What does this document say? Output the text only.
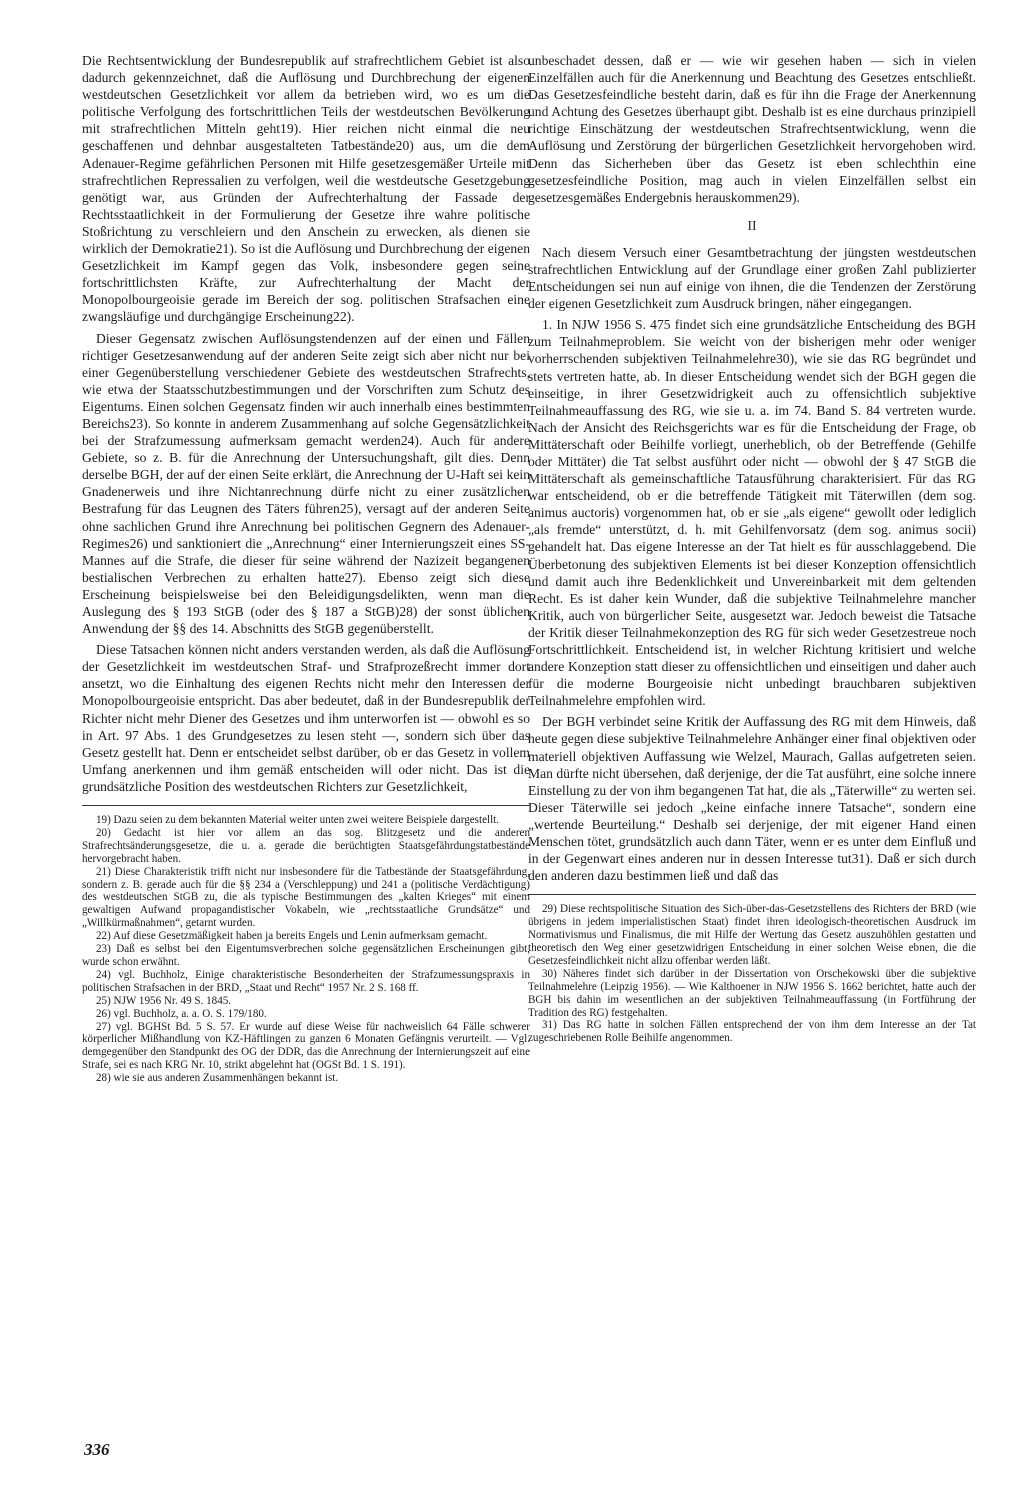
Die Rechtsentwicklung der Bundesrepublik auf strafrechtlichem Gebiet ist also dadurch gekennzeichnet, daß die Auflösung und Durchbrechung der eigenen westdeutschen Gesetzlichkeit vor allem da betrieben wird, wo es um die politische Verfolgung des fortschrittlichen Teils der westdeutschen Bevölkerung mit strafrechtlichen Mitteln geht19). Hier reichen nicht einmal die neu geschaffenen und dehnbar ausgestalteten Tatbestände20) aus, um die dem Adenauer-Regime gefährlichen Personen mit Hilfe gesetzesgemäßer Urteile mit strafrechtlichen Repressalien zu verfolgen, weil die westdeutsche Gesetzgebung genötigt war, aus Gründen der Aufrechterhaltung der Fassade der Rechtsstaatlichkeit in der Formulierung der Gesetze ihre wahre politische Stoßrichtung zu verschleiern und den Anschein zu erwecken, als dienen sie wirklich der Demokratie21). So ist die Auflösung und Durchbrechung der eigenen Gesetzlichkeit im Kampf gegen das Volk, insbesondere gegen seine fortschrittlichsten Kräfte, zur Aufrechterhaltung der Macht der Monopolbourgeoisie gerade im Bereich der sog. politischen Strafsachen eine zwangsläufige und durchgängige Erscheinung22).

Dieser Gegensatz zwischen Auflösungstendenzen auf der einen und Fällen richtiger Gesetzesanwendung auf der anderen Seite zeigt sich aber nicht nur bei einer Gegenüberstellung verschiedener Gebiete des westdeutschen Strafrechts, wie etwa der Staatsschutzbestimmungen und der Vorschriften zum Schutz des Eigentums. Einen solchen Gegensatz finden wir auch innerhalb eines bestimmten Bereichs23). So konnte in anderem Zusammenhang auf solche Gegensätzlichkeit bei der Strafzumessung aufmerksam gemacht werden24). Auch für andere Gebiete, so z. B. für die Anrechnung der Untersuchungshaft, gilt dies. Denn derselbe BGH, der auf der einen Seite erklärt, die Anrechnung der U-Haft sei kein Gnadenerweis und ihre Nichtanrechnung dürfe nicht zu einer zusätzlichen Bestrafung für das Leugnen des Täters führen25), versagt auf der anderen Seite ohne sachlichen Grund ihre Anrechnung bei politischen Gegnern des Adenauer-Regimes26) und sanktioniert die „Anrechnung“ einer Internierungszeit eines SS-Mannes auf die Strafe, die dieser für seine während der Nazizeit begangenen bestialischen Verbrechen zu erhalten hatte27). Ebenso zeigt sich diese Erscheinung beispielsweise bei den Beleidigungsdelikten, wenn man die Auslegung des § 193 StGB (oder des § 187 a StGB)28) der sonst üblichen Anwendung der §§ des 14. Abschnitts des StGB gegenüberstellt.

Diese Tatsachen können nicht anders verstanden werden, als daß die Auflösung der Gesetzlichkeit im westdeutschen Straf- und Strafprozeßrecht immer dort ansetzt, wo die Einhaltung des eigenen Rechts nicht mehr den Interessen der Monopolbourgeoisie entspricht. Das aber bedeutet, daß in der Bundesrepublik der Richter nicht mehr Diener des Gesetzes und ihm unterworfen ist — obwohl es so in Art. 97 Abs. 1 des Grundgesetzes zu lesen steht —, sondern sich über das Gesetz gestellt hat. Denn er entscheidet selbst darüber, ob er das Gesetz in vollem Umfang anerkennen und ihm gemäß entscheiden will oder nicht. Das ist die grundsätzliche Position des westdeutschen Richters zur Gesetzlichkeit,

19) Dazu seien zu dem bekannten Material weiter unten zwei weitere Beispiele dargestellt.

20) Gedacht ist hier vor allem an das sog. Blitzgesetz und die anderen Strafrechtsänderungsgesetze, die u. a. gerade die berüchtigten Staatsgefährdungstatbestände hervorgebracht haben.

21) Diese Charakteristik trifft nicht nur insbesondere für die Tatbestände der Staatsgefährdung, sondern z. B. gerade auch für die §§ 234 a (Verschleppung) und 241 a (politische Verdächtigung) des westdeutschen StGB zu, die als typische Bestimmungen des „kalten Krieges“ mit einem gewaltigen Aufwand propagandistischer Vokabeln, wie „rechtsstaatliche Grundsätze“ und „Willkürmaßnahmen“, getarnt wurden.

22) Auf diese Gesetzmäßigkeit haben ja bereits Engels und Lenin aufmerksam gemacht.

23) Daß es selbst bei den Eigentumsverbrechen solche gegensätzlichen Erscheinungen gibt, wurde schon erwähnt.

24) vgl. Buchholz, Einige charakteristische Besonderheiten der Strafzumessungspraxis in politischen Strafsachen in der BRD, „Staat und Recht“ 1957 Nr. 2 S. 168 ff.

25) NJW 1956 Nr. 49 S. 1845.

26) vgl. Buchholz, a. a. O. S. 179/180.

27) vgl. BGHSt Bd. 5 S. 57. Er wurde auf diese Weise für nachweislich 64 Fälle schwerer körperlicher Mißhandlung von KZ-Häftlingen zu ganzen 6 Monaten Gefängnis verurteilt. — Vgl. demgegenüber den Standpunkt des OG der DDR, das die Anrechnung der Internierungszeit auf eine Strafe, sei es nach KRG Nr. 10, strikt abgelehnt hat (OGSt Bd. 1 S. 191).

28) wie sie aus anderen Zusammenhängen bekannt ist.

unbeschadet dessen, daß er — wie wir gesehen haben — sich in vielen Einzelfällen auch für die Anerkennung und Beachtung des Gesetzes entschließt. Das Gesetzesfeindliche besteht darin, daß es für ihn die Frage der Anerkennung und Achtung des Gesetzes überhaupt gibt. Deshalb ist es eine durchaus prinzipiell richtige Einschätzung der westdeutschen Strafrechtsentwicklung, wenn die Auflösung und Zerstörung der bürgerlichen Gesetzlichkeit hervorgehoben wird. Denn das Sicherheben über das Gesetz ist eben schlechthin eine gesetzesfeindliche Position, mag auch in vielen Einzelfällen selbst ein gesetzesgemäßes Endergebnis herauskommen29).

II

Nach diesem Versuch einer Gesamtbetrachtung der jüngsten westdeutschen strafrechtlichen Entwicklung auf der Grundlage einer großen Zahl publizierter Entscheidungen sei nun auf einige von ihnen, die die Tendenzen der Zerstörung der eigenen Gesetzlichkeit zum Ausdruck bringen, näher eingegangen.

1. In NJW 1956 S. 475 findet sich eine grundsätzliche Entscheidung des BGH zum Teilnahmeproblem. Sie weicht von der bisherigen mehr oder weniger vorherrschenden subjektiven Teilnahmelehre30), wie sie das RG begründet und stets vertreten hatte, ab. In dieser Entscheidung wendet sich der BGH gegen die einseitige, in ihrer Gesetzwidrigkeit auch zu offensichtlich subjektive Teilnahmeauffassung des RG, wie sie u. a. im 74. Band S. 84 vertreten wurde. Nach der Ansicht des Reichsgerichts war es für die Entscheidung der Frage, ob Mittäterschaft oder Beihilfe vorliegt, unerheblich, ob der Betreffende (Gehilfe oder Mittäter) die Tat selbst ausführt oder nicht — obwohl der § 47 StGB die Mittäterschaft als gemeinschaftliche Tatausführung charakterisiert. Für das RG war entscheidend, ob er die betreffende Tätigkeit mit Täterwillen (dem sog. animus auctoris) vorgenommen hat, ob er sie „als eigene“ gewollt oder lediglich „als fremde“ unterstützt, d. h. mit Gehilfenvorsatz (dem sog. animus socii) gehandelt hat. Das eigene Interesse an der Tat hielt es für ausschlaggebend. Die Überbetonung des subjektiven Elements ist bei dieser Konzeption offensichtlich und damit auch ihre Bedenklichkeit und Unvereinbarkeit mit dem geltenden Recht. Es ist daher kein Wunder, daß die subjektive Teilnahmelehre mancher Kritik, auch von bürgerlicher Seite, ausgesetzt war. Jedoch beweist die Tatsache der Kritik dieser Teilnahmekonzeption des RG für sich weder Gesetzestreue noch Fortschrittlichkeit. Entscheidend ist, in welcher Richtung kritisiert und welche andere Konzeption statt dieser zu offensichtlichen und einseitigen und daher auch für die moderne Bourgeoisie nicht unbedingt brauchbaren subjektiven Teilnahmelehre empfohlen wird.

Der BGH verbindet seine Kritik der Auffassung des RG mit dem Hinweis, daß heute gegen diese subjektive Teilnahmelehre Anhänger einer final objektiven oder materiell objektiven Auffassung wie Welzel, Maurach, Gallas aufgetreten seien. Man dürfte nicht übersehen, daß derjenige, der die Tat ausführt, eine solche innere Einstellung zu der von ihm begangenen Tat hat, die als „Täterwille“ zu werten sei. Dieser Täterwille sei jedoch „keine einfache innere Tatsache“, sondern eine „wertende Beurteilung.“ Deshalb sei derjenige, der mit eigener Hand einen Menschen tötet, grundsätzlich auch dann Täter, wenn er es unter dem Einfluß und in der Gegenwart eines anderen nur in dessen Interesse tut31). Daß er sich durch den anderen dazu bestimmen ließ und daß das

29) Diese rechtspolitische Situation des Sich-über-das-Gesetzstellens des Richters der BRD (wie übrigens in jedem imperialistischen Staat) findet ihren ideologisch-theoretischen Ausdruck im Normativismus und Finalismus, die mit Hilfe der Wertung das Gesetz auszuhöhlen gestatten und theoretisch den Weg einer gesetzwidrigen Entscheidung in einer solchen Weise ebnen, die die Gesetzesfeindlichkeit nicht allzu offenbar werden läßt.

30) Näheres findet sich darüber in der Dissertation von Orschekowski über die subjektive Teilnahmelehre (Leipzig 1956). — Wie Kalthoener in NJW 1956 S. 1662 berichtet, hatte auch der BGH bis dahin im wesentlichen an der subjektiven Teilnahmeauffassung (in Fortführung der Tradition des RG) festgehalten.

31) Das RG hatte in solchen Fällen entsprechend der von ihm dem Interesse an der Tat zugeschriebenen Rolle Beihilfe angenommen.

336
